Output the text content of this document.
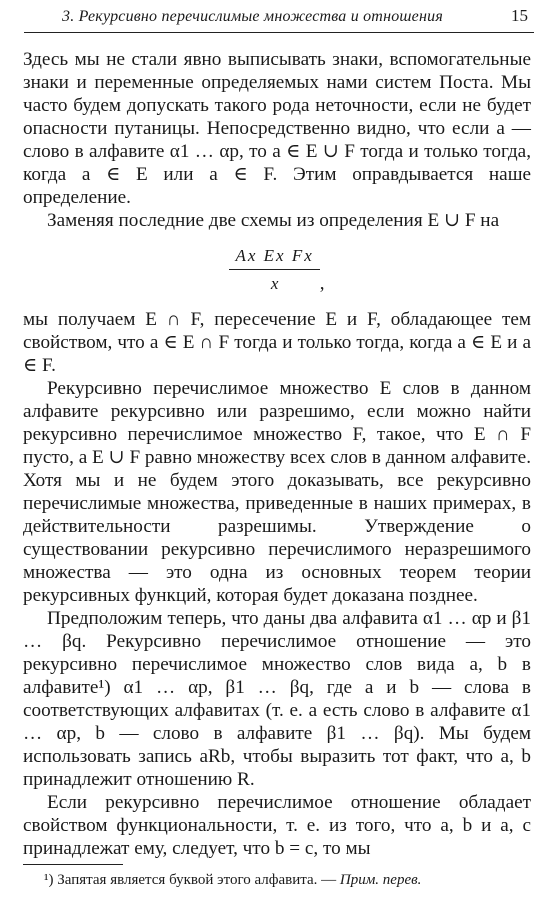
3. Рекурсивно перечислимые множества и отношения	15

Здесь мы не стали явно выписывать знаки, вспомогательные знаки и переменные определяемых нами систем Поста. Мы часто будем допускать такого рода неточности, если не будет опасности путаницы. Непосредственно видно, что если a — слово в алфавите α1 … αp, то a ∈ E ∪ F тогда и только тогда, когда a ∈ E или a ∈ F. Этим оправдывается наше определение.

Заменяя последние две схемы из определения E ∪ F на

$\frac{\text{Ax Ex Fx}}{x}$ ,

мы получаем E ∩ F, пересечение E и F, обладающее тем свойством, что a ∈ E ∩ F тогда и только тогда, когда a ∈ E и a ∈ F.

Рекурсивно перечислимое множество E слов в данном алфавите рекурсивно или разрешимо, если можно найти рекурсивно перечислимое множество F, такое, что E ∩ F пусто, а E ∪ F равно множеству всех слов в данном алфавите. Хотя мы и не будем этого доказывать, все рекурсивно перечислимые множества, приведенные в наших примерах, в действительности разрешимы. Утверждение о существовании рекурсивно перечислимого неразрешимого множества — это одна из основных теорем теории рекурсивных функций, которая будет доказана позднее.

Предположим теперь, что даны два алфавита α1 … αp и β1 … βq. Рекурсивно перечислимое отношение — это рекурсивно перечислимое множество слов вида a, b в алфавите¹) α1 … αp, β1 … βq, где a и b — слова в соответствующих алфавитах (т. е. a есть слово в алфавите α1 … αp, b — слово в алфавите β1 … βq). Мы будем использовать запись aRb, чтобы выразить тот факт, что a, b принадлежит отношению R.

Если рекурсивно перечислимое отношение обладает свойством функциональности, т. е. из того, что a, b и a, c принадлежат ему, следует, что b = c, то мы

¹) Запятая является буквой этого алфавита. — Прим. перев.
